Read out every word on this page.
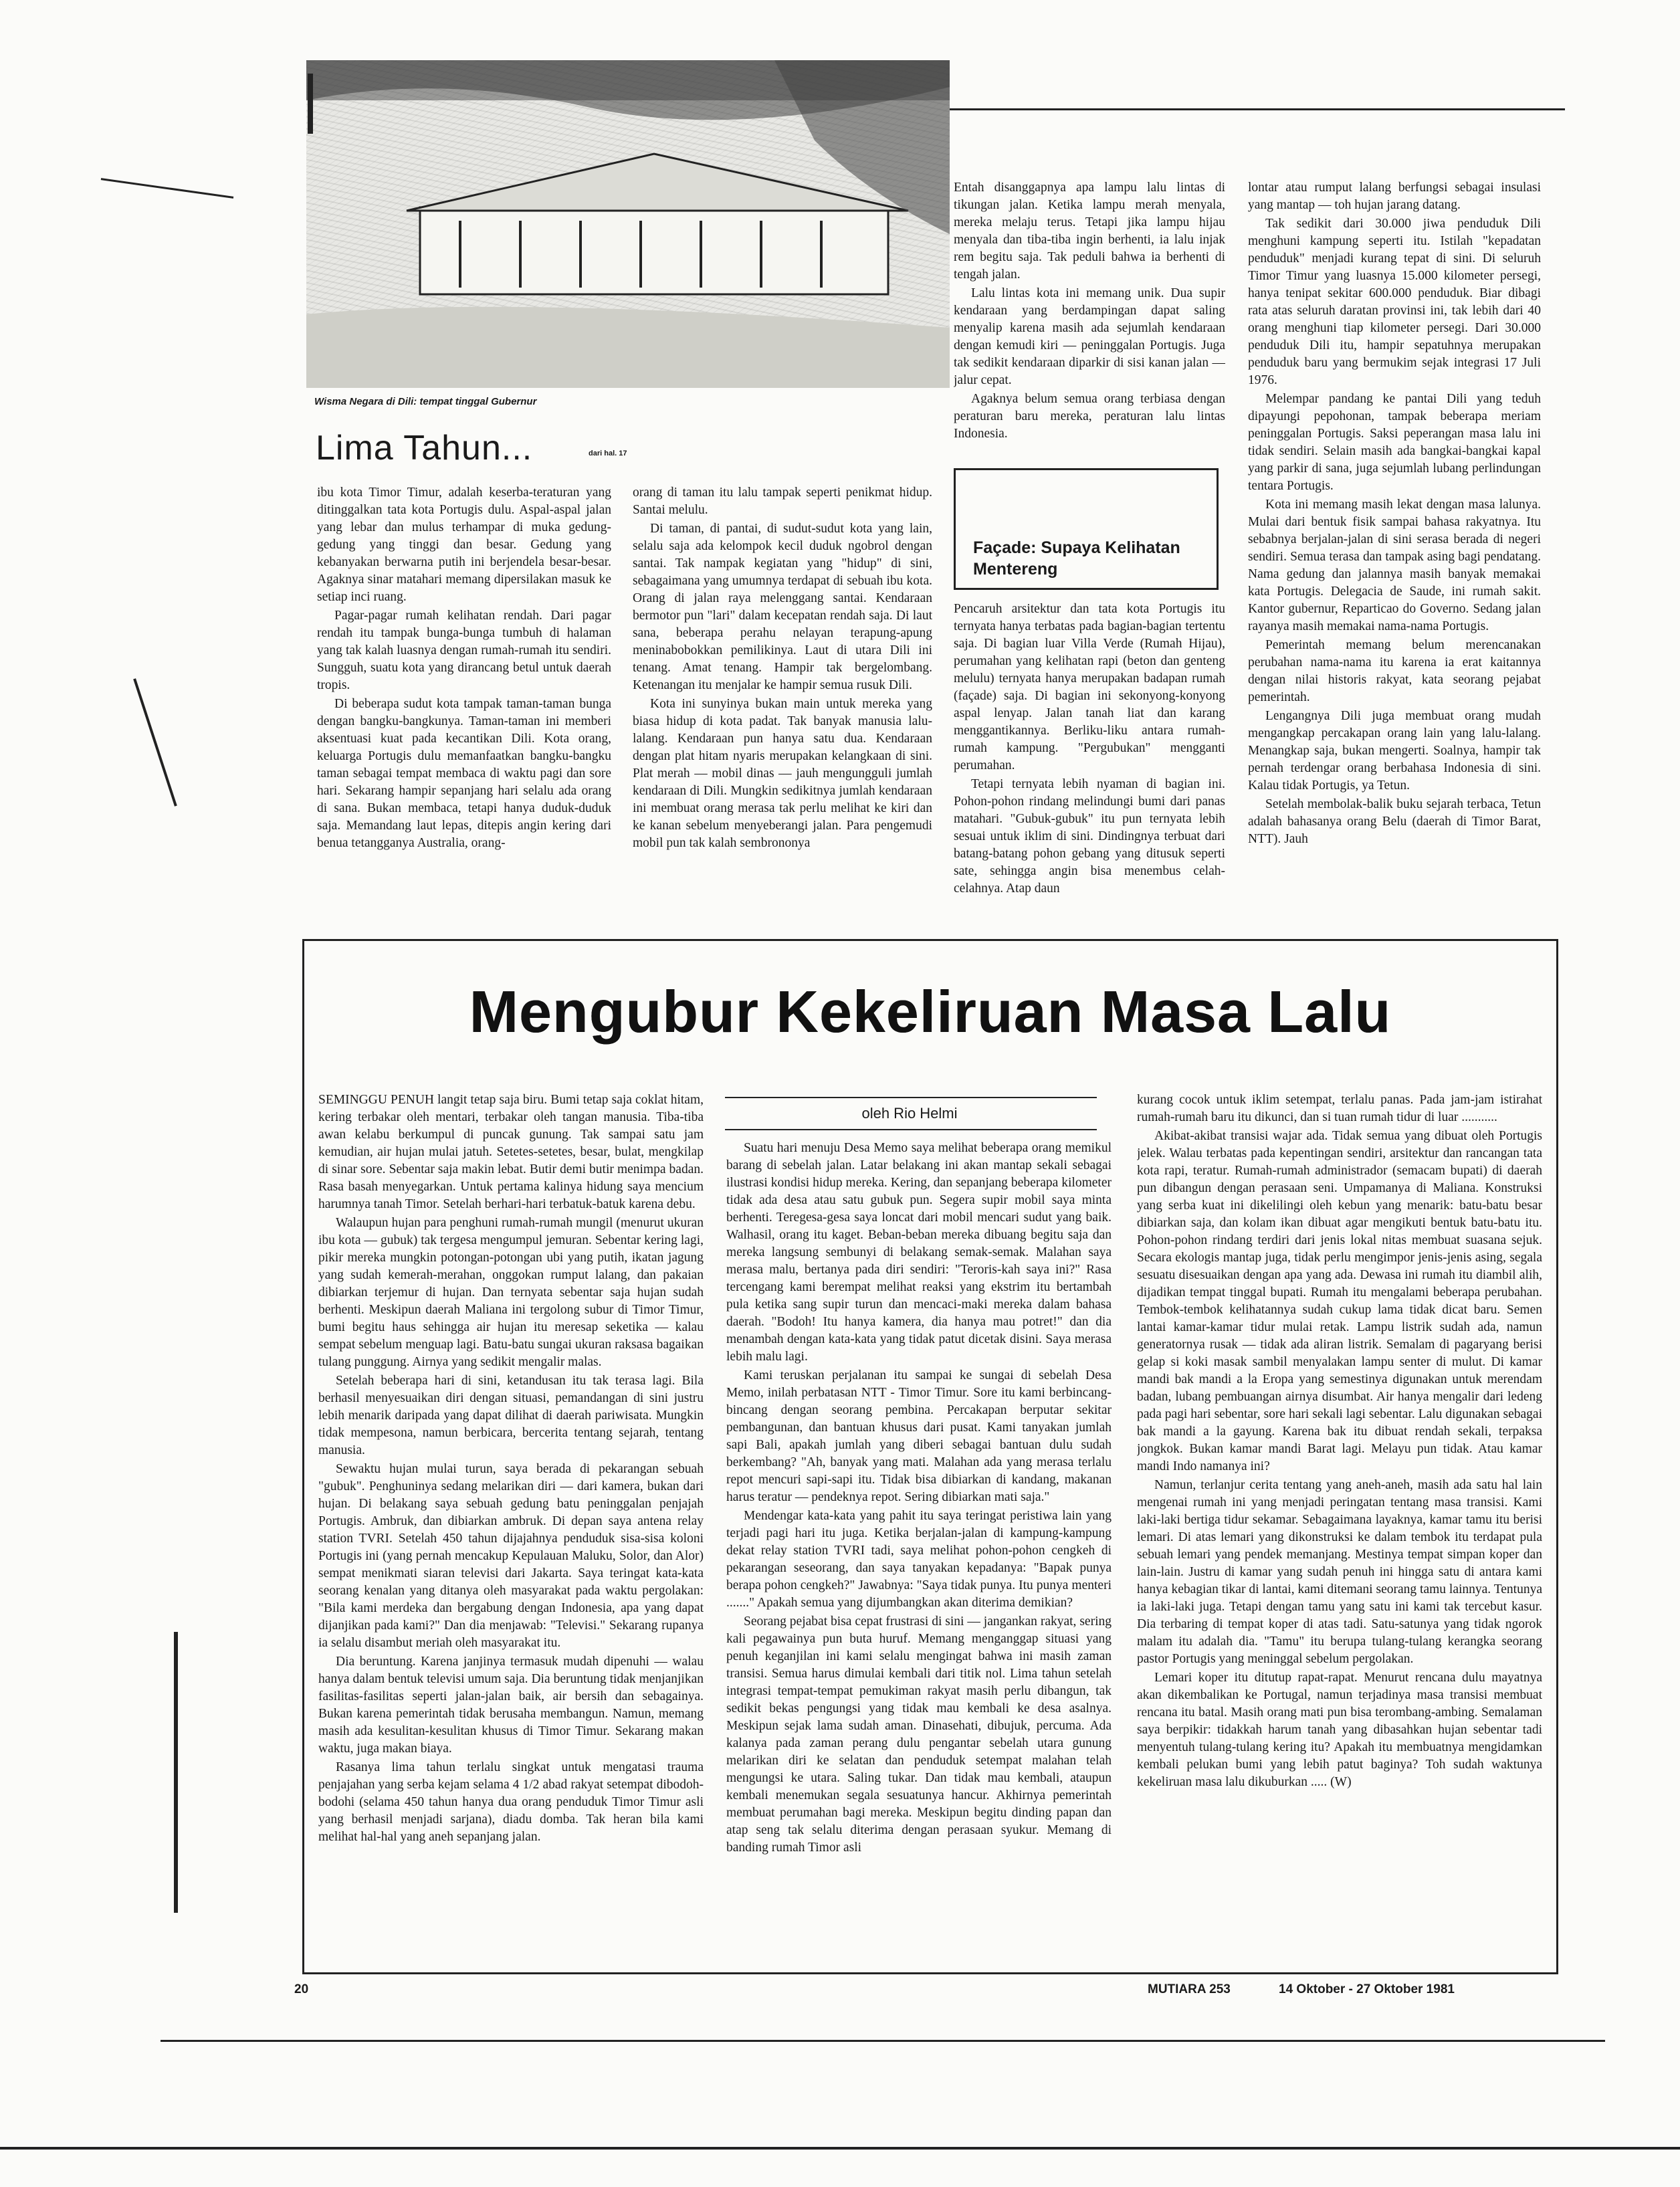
Wisma Negara di Dili: tempat tinggal Gubernur
Lima Tahun...	dari hal. 17

ibu kota Timor Timur, adalah keserba-teraturan yang ditinggalkan tata kota Portugis dulu. Aspal-aspal jalan yang lebar dan mulus terhampar di muka gedung-gedung yang tinggi dan besar. Gedung yang kebanyakan berwarna putih ini berjendela besar-besar. Agaknya sinar matahari memang dipersilakan masuk ke setiap inci ruang.

Pagar-pagar rumah kelihatan rendah. Dari pagar rendah itu tampak bunga-bunga tumbuh di halaman yang tak kalah luasnya dengan rumah-rumah itu sendiri. Sungguh, suatu kota yang dirancang betul untuk daerah tropis.

Di beberapa sudut kota tampak taman-taman bunga dengan bangku-bangkunya. Taman-taman ini memberi aksentuasi kuat pada kecantikan Dili. Kota orang, keluarga Portugis dulu memanfaatkan bangku-bangku taman sebagai tempat membaca di waktu pagi dan sore hari. Sekarang hampir sepanjang hari selalu ada orang di sana. Bukan membaca, tetapi hanya duduk-duduk saja. Memandang laut lepas, ditepis angin kering dari benua tetangganya Australia, orang-

orang di taman itu lalu tampak seperti penikmat hidup. Santai melulu.

Di taman, di pantai, di sudut-sudut kota yang lain, selalu saja ada kelompok kecil duduk ngobrol dengan santai. Tak nampak kegiatan yang "hidup" di sini, sebagaimana yang umumnya terdapat di sebuah ibu kota. Orang di jalan raya melenggang santai. Kendaraan bermotor pun "lari" dalam kecepatan rendah saja. Di laut sana, beberapa perahu nelayan terapung-apung meninabobokkan pemilikinya. Laut di utara Dili ini tenang. Amat tenang. Hampir tak bergelombang. Ketenangan itu menjalar ke hampir semua rusuk Dili.

Kota ini sunyinya bukan main untuk mereka yang biasa hidup di kota padat. Tak banyak manusia lalu-lalang. Kendaraan pun hanya satu dua. Kendaraan dengan plat hitam nyaris merupakan kelangkaan di sini. Plat merah — mobil dinas — jauh mengungguli jumlah kendaraan di Dili. Mungkin sedikitnya jumlah kendaraan ini membuat orang merasa tak perlu melihat ke kiri dan ke kanan sebelum menyeberangi jalan. Para pengemudi mobil pun tak kalah sembrononya

Entah disanggapnya apa lampu lalu lintas di tikungan jalan. Ketika lampu merah menyala, mereka melaju terus. Tetapi jika lampu hijau menyala dan tiba-tiba ingin berhenti, ia lalu injak rem begitu saja. Tak peduli bahwa ia berhenti di tengah jalan.

Lalu lintas kota ini memang unik. Dua supir kendaraan yang berdampingan dapat saling menyalip karena masih ada sejumlah kendaraan dengan kemudi kiri — peninggalan Portugis. Juga tak sedikit kendaraan diparkir di sisi kanan jalan — jalur cepat.

Agaknya belum semua orang terbiasa dengan peraturan baru mereka, peraturan lalu lintas Indonesia.

Façade: Supaya Kelihatan Mentereng

Pencaruh arsitektur dan tata kota Portugis itu ternyata hanya terbatas pada bagian-bagian tertentu saja. Di bagian luar Villa Verde (Rumah Hijau), perumahan yang kelihatan rapi (beton dan genteng melulu) ternyata hanya merupakan badapan rumah (façade) saja. Di bagian ini sekonyong-konyong aspal lenyap. Jalan tanah liat dan karang menggantikannya. Berliku-liku antara rumah-rumah kampung. "Pergubukan" mengganti perumahan.

Tetapi ternyata lebih nyaman di bagian ini. Pohon-pohon rindang melindungi bumi dari panas matahari. "Gubuk-gubuk" itu pun ternyata lebih sesuai untuk iklim di sini. Dindingnya terbuat dari batang-batang pohon gebang yang ditusuk seperti sate, sehingga angin bisa menembus celah-celahnya. Atap daun

lontar atau rumput lalang berfungsi sebagai insulasi yang mantap — toh hujan jarang datang.

Tak sedikit dari 30.000 jiwa penduduk Dili menghuni kampung seperti itu. Istilah "kepadatan penduduk" menjadi kurang tepat di sini. Di seluruh Timor Timur yang luasnya 15.000 kilometer persegi, hanya tenipat sekitar 600.000 penduduk. Biar dibagi rata atas seluruh daratan provinsi ini, tak lebih dari 40 orang menghuni tiap kilometer persegi. Dari 30.000 penduduk Dili itu, hampir sepatuhnya merupakan penduduk baru yang bermukim sejak integrasi 17 Juli 1976.

Melempar pandang ke pantai Dili yang teduh dipayungi pepohonan, tampak beberapa meriam peninggalan Portugis. Saksi peperangan masa lalu ini tidak sendiri. Selain masih ada bangkai-bangkai kapal yang parkir di sana, juga sejumlah lubang perlindungan tentara Portugis.

Kota ini memang masih lekat dengan masa lalunya. Mulai dari bentuk fisik sampai bahasa rakyatnya. Itu sebabnya berjalan-jalan di sini serasa berada di negeri sendiri. Semua terasa dan tampak asing bagi pendatang. Nama gedung dan jalannya masih banyak memakai kata Portugis. Delegacia de Saude, ini rumah sakit. Kantor gubernur, Reparticao do Governo. Sedang jalan rayanya masih memakai nama-nama Portugis.

Pemerintah memang belum merencanakan perubahan nama-nama itu karena ia erat kaitannya dengan nilai historis rakyat, kata seorang pejabat pemerintah.

Lengangnya Dili juga membuat orang mudah mengangkap percakapan orang lain yang lalu-lalang. Menangkap saja, bukan mengerti. Soalnya, hampir tak pernah terdengar orang berbahasa Indonesia di sini. Kalau tidak Portugis, ya Tetun.

Setelah membolak-balik buku sejarah terbaca, Tetun adalah bahasanya orang Belu (daerah di Timor Barat, NTT). Jauh

Mengubur Kekeliruan Masa Lalu

SEMINGGU PENUH langit tetap saja biru. Bumi tetap saja coklat hitam, kering terbakar oleh mentari, terbakar oleh tangan manusia. Tiba-tiba awan kelabu berkumpul di puncak gunung. Tak sampai satu jam kemudian, air hujan mulai jatuh. Setetes-setetes, besar, bulat, mengkilap di sinar sore. Sebentar saja makin lebat. Butir demi butir menimpa badan. Rasa basah menyegarkan. Untuk pertama kalinya hidung saya mencium harumnya tanah Timor. Setelah berhari-hari terbatuk-batuk karena debu.

Walaupun hujan para penghuni rumah-rumah mungil (menurut ukuran ibu kota — gubuk) tak tergesa mengumpul jemuran. Sebentar kering lagi, pikir mereka mungkin potongan-potongan ubi yang putih, ikatan jagung yang sudah kemerah-merahan, onggokan rumput lalang, dan pakaian dibiarkan terjemur di hujan. Dan ternyata sebentar saja hujan sudah berhenti. Meskipun daerah Maliana ini tergolong subur di Timor Timur, bumi begitu haus sehingga air hujan itu meresap seketika — kalau sempat sebelum menguap lagi. Batu-batu sungai ukuran raksasa bagaikan tulang punggung. Airnya yang sedikit mengalir malas.

Setelah beberapa hari di sini, ketandusan itu tak terasa lagi. Bila berhasil menyesuaikan diri dengan situasi, pemandangan di sini justru lebih menarik daripada yang dapat dilihat di daerah pariwisata. Mungkin tidak mempesona, namun berbicara, bercerita tentang sejarah, tentang manusia.

Sewaktu hujan mulai turun, saya berada di pekarangan sebuah "gubuk". Penghuninya sedang melarikan diri — dari kamera, bukan dari hujan. Di belakang saya sebuah gedung batu peninggalan penjajah Portugis. Ambruk, dan dibiarkan ambruk. Di depan saya antena relay station TVRI. Setelah 450 tahun dijajahnya penduduk sisa-sisa koloni Portugis ini (yang pernah mencakup Kepulauan Maluku, Solor, dan Alor) sempat menikmati siaran televisi dari Jakarta. Saya teringat kata-kata seorang kenalan yang ditanya oleh masyarakat pada waktu pergolakan: "Bila kami merdeka dan bergabung dengan Indonesia, apa yang dapat dijanjikan pada kami?" Dan dia menjawab: "Televisi." Sekarang rupanya ia selalu disambut meriah oleh masyarakat itu.

Dia beruntung. Karena janjinya termasuk mudah dipenuhi — walau hanya dalam bentuk televisi umum saja. Dia beruntung tidak menjanjikan fasilitas-fasilitas seperti jalan-jalan baik, air bersih dan sebagainya. Bukan karena pemerintah tidak berusaha membangun. Namun, memang masih ada kesulitan-kesulitan khusus di Timor Timur. Sekarang makan waktu, juga makan biaya.

Rasanya lima tahun terlalu singkat untuk mengatasi trauma penjajahan yang serba kejam selama 4 1/2 abad rakyat setempat dibodoh-bodohi (selama 450 tahun hanya dua orang penduduk Timor Timur asli yang berhasil menjadi sarjana), diadu domba. Tak heran bila kami melihat hal-hal yang aneh sepanjang jalan.

oleh Rio Helmi

Suatu hari menuju Desa Memo saya melihat beberapa orang memikul barang di sebelah jalan. Latar belakang ini akan mantap sekali sebagai ilustrasi kondisi hidup mereka. Kering, dan sepanjang beberapa kilometer tidak ada desa atau satu gubuk pun. Segera supir mobil saya minta berhenti. Teregesa-gesa saya loncat dari mobil mencari sudut yang baik. Walhasil, orang itu kaget. Beban-beban mereka dibuang begitu saja dan mereka langsung sembunyi di belakang semak-semak. Malahan saya merasa malu, bertanya pada diri sendiri: "Teroris-kah saya ini?" Rasa tercengang kami berempat melihat reaksi yang ekstrim itu bertambah pula ketika sang supir turun dan mencaci-maki mereka dalam bahasa daerah. "Bodoh! Itu hanya kamera, dia hanya mau potret!" dan dia menambah dengan kata-kata yang tidak patut dicetak disini. Saya merasa lebih malu lagi.

Kami teruskan perjalanan itu sampai ke sungai di sebelah Desa Memo, inilah perbatasan NTT - Timor Timur. Sore itu kami berbincang-bincang dengan seorang pembina. Percakapan berputar sekitar pembangunan, dan bantuan khusus dari pusat. Kami tanyakan jumlah sapi Bali, apakah jumlah yang diberi sebagai bantuan dulu sudah berkembang? "Ah, banyak yang mati. Malahan ada yang merasa terlalu repot mencuri sapi-sapi itu. Tidak bisa dibiarkan di kandang, makanan harus teratur — pendeknya repot. Sering dibiarkan mati saja."

Mendengar kata-kata yang pahit itu saya teringat peristiwa lain yang terjadi pagi hari itu juga. Ketika berjalan-jalan di kampung-kampung dekat relay station TVRI tadi, saya melihat pohon-pohon cengkeh di pekarangan seseorang, dan saya tanyakan kepadanya: "Bapak punya berapa pohon cengkeh?" Jawabnya: "Saya tidak punya. Itu punya menteri ......." Apakah semua yang dijumbangkan akan diterima demikian?

Seorang pejabat bisa cepat frustrasi di sini — jangankan rakyat, sering kali pegawainya pun buta huruf. Memang menganggap situasi yang penuh keganjilan ini kami selalu mengingat bahwa ini masih zaman transisi. Semua harus dimulai kembali dari titik nol. Lima tahun setelah integrasi tempat-tempat pemukiman rakyat masih perlu dibangun, tak sedikit bekas pengungsi yang tidak mau kembali ke desa asalnya. Meskipun sejak lama sudah aman. Dinasehati, dibujuk, percuma. Ada kalanya pada zaman perang dulu pengantar sebelah utara gunung melarikan diri ke selatan dan penduduk setempat malahan telah mengungsi ke utara. Saling tukar. Dan tidak mau kembali, ataupun kembali menemukan segala sesuatunya hancur. Akhirnya pemerintah membuat perumahan bagi mereka. Meskipun begitu dinding papan dan atap seng tak selalu diterima dengan perasaan syukur. Memang di banding rumah Timor asli

kurang cocok untuk iklim setempat, terlalu panas. Pada jam-jam istirahat rumah-rumah baru itu dikunci, dan si tuan rumah tidur di luar ...........

Akibat-akibat transisi wajar ada. Tidak semua yang dibuat oleh Portugis jelek. Walau terbatas pada kepentingan sendiri, arsitektur dan rancangan tata kota rapi, teratur. Rumah-rumah administrador (semacam bupati) di daerah pun dibangun dengan perasaan seni. Umpamanya di Maliana. Konstruksi yang serba kuat ini dikelilingi oleh kebun yang menarik: batu-batu besar dibiarkan saja, dan kolam ikan dibuat agar mengikuti bentuk batu-batu itu. Pohon-pohon rindang terdiri dari jenis lokal nitas membuat suasana sejuk. Secara ekologis mantap juga, tidak perlu mengimpor jenis-jenis asing, segala sesuatu disesuaikan dengan apa yang ada. Dewasa ini rumah itu diambil alih, dijadikan tempat tinggal bupati. Rumah itu mengalami beberapa perubahan. Tembok-tembok kelihatannya sudah cukup lama tidak dicat baru. Semen lantai kamar-kamar tidur mulai retak. Lampu listrik sudah ada, namun generatornya rusak — tidak ada aliran listrik. Semalam di pagaryang berisi gelap si koki masak sambil menyalakan lampu senter di mulut. Di kamar mandi bak mandi a la Eropa yang semestinya digunakan untuk merendam badan, lubang pembuangan airnya disumbat. Air hanya mengalir dari ledeng pada pagi hari sebentar, sore hari sekali lagi sebentar. Lalu digunakan sebagai bak mandi a la gayung. Karena bak itu dibuat rendah sekali, terpaksa jongkok. Bukan kamar mandi Barat lagi. Melayu pun tidak. Atau kamar mandi Indo namanya ini?

Namun, terlanjur cerita tentang yang aneh-aneh, masih ada satu hal lain mengenai rumah ini yang menjadi peringatan tentang masa transisi. Kami laki-laki bertiga tidur sekamar. Sebagaimana layaknya, kamar tamu itu berisi lemari. Di atas lemari yang dikonstruksi ke dalam tembok itu terdapat pula sebuah lemari yang pendek memanjang. Mestinya tempat simpan koper dan lain-lain. Justru di kamar yang sudah penuh ini hingga satu di antara kami hanya kebagian tikar di lantai, kami ditemani seorang tamu lainnya. Tentunya ia laki-laki juga. Tetapi dengan tamu yang satu ini kami tak tercebut kasur. Dia terbaring di tempat koper di atas tadi. Satu-satunya yang tidak ngorok malam itu adalah dia. "Tamu" itu berupa tulang-tulang kerangka seorang pastor Portugis yang meninggal sebelum pergolakan.

Lemari koper itu ditutup rapat-rapat. Menurut rencana dulu mayatnya akan dikembalikan ke Portugal, namun terjadinya masa transisi membuat rencana itu batal. Masih orang mati pun bisa terombang-ambing. Semalaman saya berpikir: tidakkah harum tanah yang dibasahkan hujan sebentar tadi menyentuh tulang-tulang kering itu? Apakah itu membuatnya mengidamkan kembali pelukan bumi yang lebih patut baginya? Toh sudah waktunya kekeliruan masa lalu dikuburkan ..... (W)

20	MUTIARA 253	14 Oktober - 27 Oktober 1981
